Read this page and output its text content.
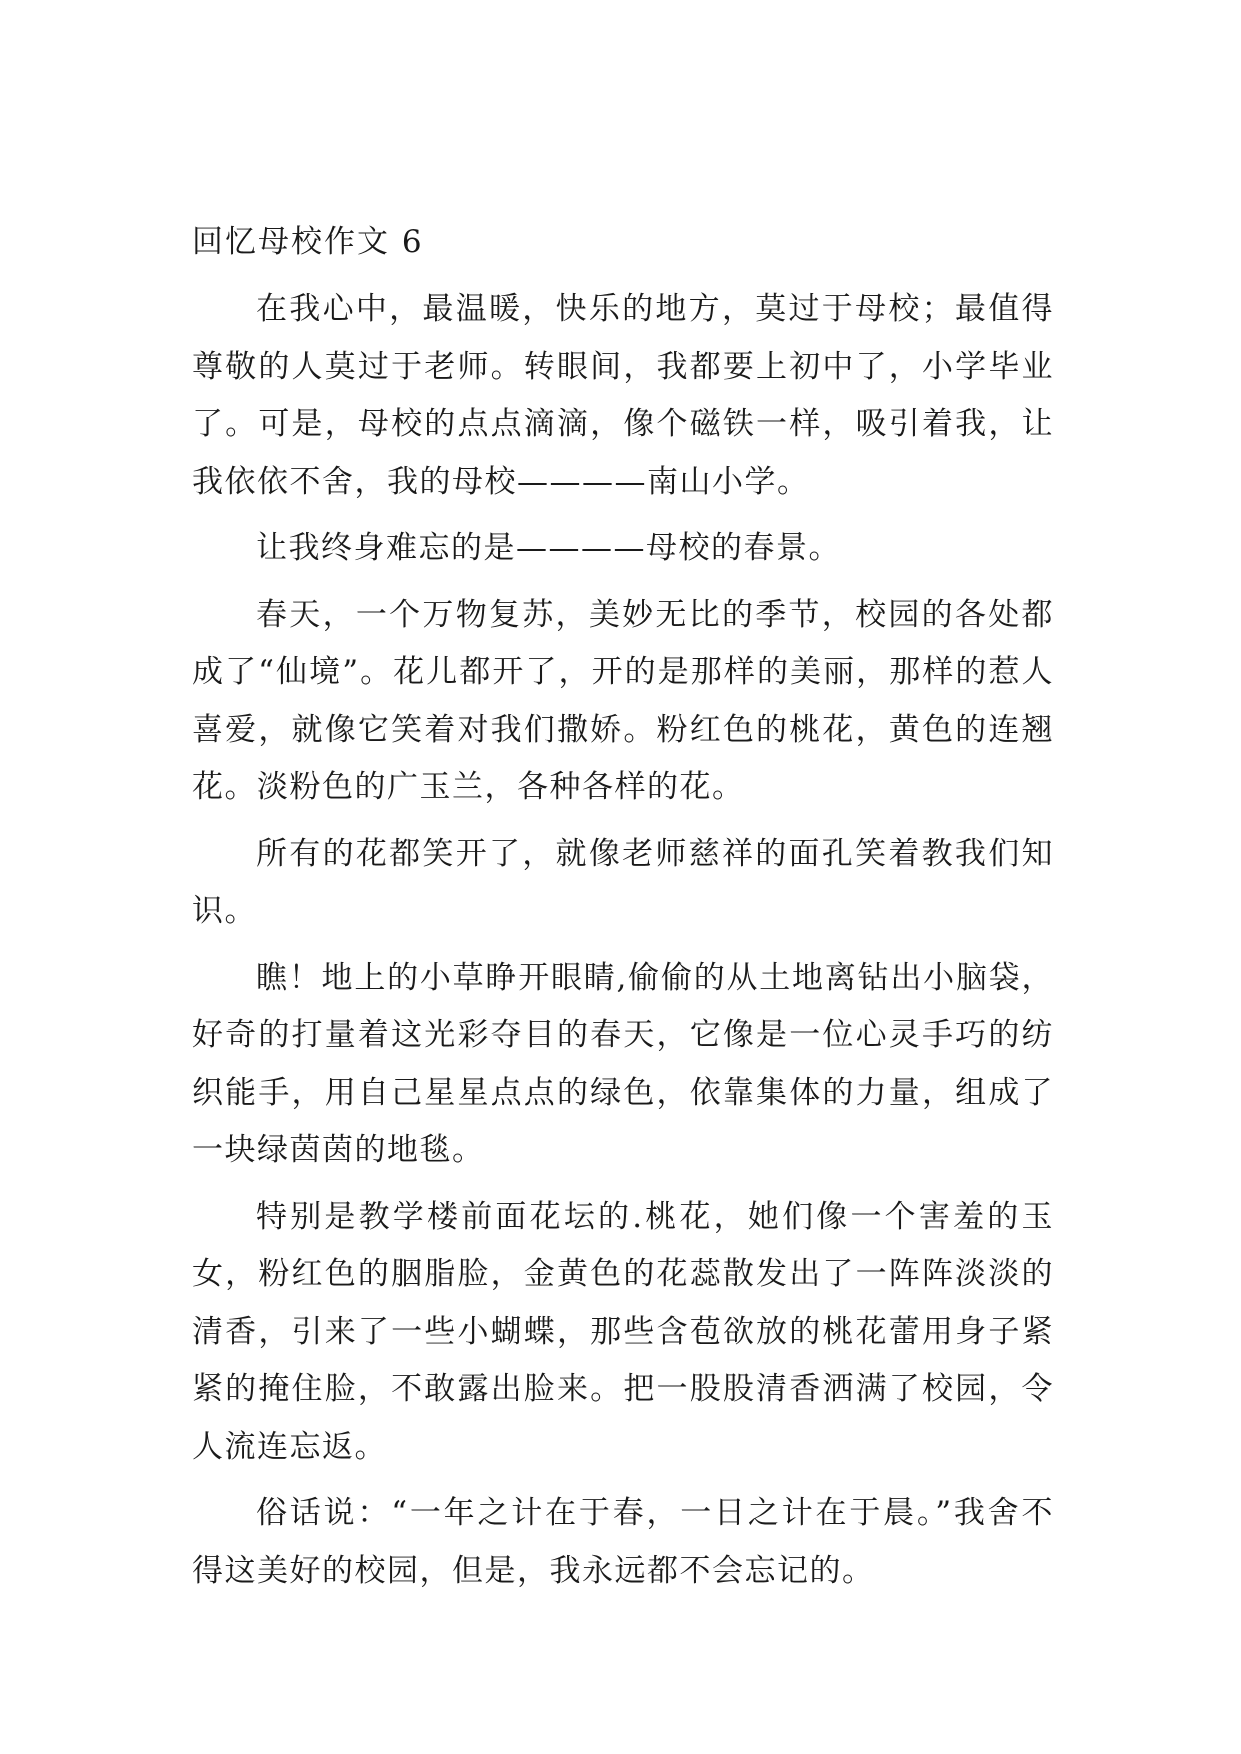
回忆母校作文 6

在我心中，最温暖，快乐的地方，莫过于母校；最值得尊敬的人莫过于老师。转眼间，我都要上初中了，小学毕业了。可是，母校的点点滴滴，像个磁铁一样，吸引着我，让我依依不舍，我的母校————南山小学。

让我终身难忘的是————母校的春景。

春天，一个万物复苏，美妙无比的季节，校园的各处都成了“仙境”。花儿都开了，开的是那样的美丽，那样的惹人喜爱，就像它笑着对我们撒娇。粉红色的桃花，黄色的连翘花。淡粉色的广玉兰，各种各样的花。

所有的花都笑开了，就像老师慈祥的面孔笑着教我们知识。

瞧！地上的小草睁开眼睛,偷偷的从土地离钻出小脑袋，好奇的打量着这光彩夺目的春天，它像是一位心灵手巧的纺织能手，用自己星星点点的绿色，依靠集体的力量，组成了一块绿茵茵的地毯。

特别是教学楼前面花坛的.桃花，她们像一个害羞的玉女，粉红色的胭脂脸，金黄色的花蕊散发出了一阵阵淡淡的清香，引来了一些小蝴蝶，那些含苞欲放的桃花蕾用身子紧紧的掩住脸，不敢露出脸来。把一股股清香洒满了校园，令人流连忘返。

俗话说：“一年之计在于春，一日之计在于晨。”我舍不得这美好的校园，但是，我永远都不会忘记的。
